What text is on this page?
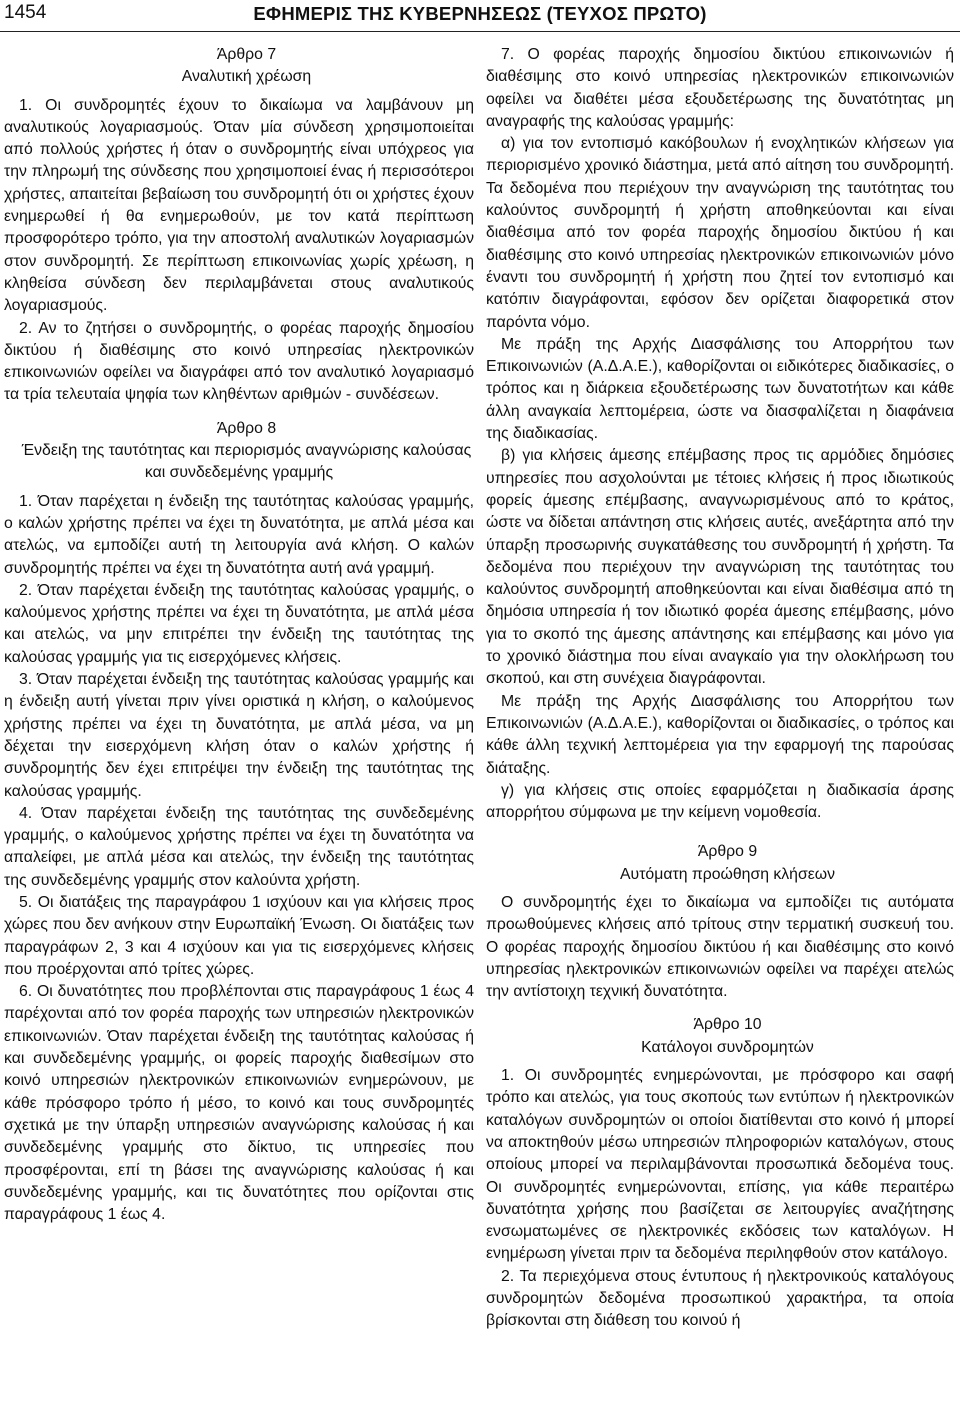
1454	ΕΦΗΜΕΡΙΣ ΤΗΣ ΚΥΒΕΡΝΗΣΕΩΣ (ΤΕΥΧΟΣ ΠΡΩΤΟ)

Άρθρο 7

Αναλυτική χρέωση

1. Οι συνδρομητές έχουν το δικαίωμα να λαμβάνουν μη αναλυτικούς λογαριασμούς. Όταν μία σύνδεση χρησιμοποιείται από πολλούς χρήστες ή όταν ο συνδρομητής είναι υπόχρεος για την πληρωμή της σύνδεσης που χρησιμοποιεί ένας ή περισσότεροι χρήστες, απαιτείται βεβαίωση του συνδρομητή ότι οι χρήστες έχουν ενημερωθεί ή θα ενημερωθούν, με τον κατά περίπτωση προσφορότερο τρόπο, για την αποστολή αναλυτικών λογαριασμών στον συνδρομητή. Σε περίπτωση επικοινωνίας χωρίς χρέωση, η κληθείσα σύνδεση δεν περιλαμβάνεται στους αναλυτικούς λογαριασμούς.

2. Αν το ζητήσει ο συνδρομητής, ο φορέας παροχής δημοσίου δικτύου ή διαθέσιμης στο κοινό υπηρεσίας ηλεκτρονικών επικοινωνιών οφείλει να διαγράφει από τον αναλυτικό λογαριασμό τα τρία τελευταία ψηφία των κληθέντων αριθμών - συνδέσεων.

Άρθρο 8

Ένδειξη της ταυτότητας και περιορισμός αναγνώρισης καλούσας και συνδεδεμένης γραμμής

1. Όταν παρέχεται η ένδειξη της ταυτότητας καλούσας γραμμής, ο καλών χρήστης πρέπει να έχει τη δυνατότητα, με απλά μέσα και ατελώς, να εμποδίζει αυτή τη λειτουργία ανά κλήση. Ο καλών συνδρομητής πρέπει να έχει τη δυνατότητα αυτή ανά γραμμή.

2. Όταν παρέχεται ένδειξη της ταυτότητας καλούσας γραμμής, ο καλούμενος χρήστης πρέπει να έχει τη δυνατότητα, με απλά μέσα και ατελώς, να μην επιτρέπει την ένδειξη της ταυτότητας της καλούσας γραμμής για τις εισερχόμενες κλήσεις.

3. Όταν παρέχεται ένδειξη της ταυτότητας καλούσας γραμμής και η ένδειξη αυτή γίνεται πριν γίνει οριστικά η κλήση, ο καλούμενος χρήστης πρέπει να έχει τη δυνατότητα, με απλά μέσα, να μη δέχεται την εισερχόμενη κλήση όταν ο καλών χρήστης ή συνδρομητής δεν έχει επιτρέψει την ένδειξη της ταυτότητας της καλούσας γραμμής.

4. Όταν παρέχεται ένδειξη της ταυτότητας της συνδεδεμένης γραμμής, ο καλούμενος χρήστης πρέπει να έχει τη δυνατότητα να απαλείφει, με απλά μέσα και ατελώς, την ένδειξη της ταυτότητας της συνδεδεμένης γραμμής στον καλούντα χρήστη.

5. Οι διατάξεις της παραγράφου 1 ισχύουν και για κλήσεις προς χώρες που δεν ανήκουν στην Ευρωπαϊκή Ένωση. Οι διατάξεις των παραγράφων 2, 3 και 4 ισχύουν και για τις εισερχόμενες κλήσεις που προέρχονται από τρίτες χώρες.

6. Οι δυνατότητες που προβλέπονται στις παραγράφους 1 έως 4 παρέχονται από τον φορέα παροχής των υπηρεσιών ηλεκτρονικών επικοινωνιών. Όταν παρέχεται ένδειξη της ταυτότητας καλούσας ή και συνδεδεμένης γραμμής, οι φορείς παροχής διαθεσίμων στο κοινό υπηρεσιών ηλεκτρονικών επικοινωνιών ενημερώνουν, με κάθε πρόσφορο τρόπο ή μέσο, το κοινό και τους συνδρομητές σχετικά με την ύπαρξη υπηρεσιών αναγνώρισης καλούσας ή και συνδεδεμένης γραμμής στο δίκτυο, τις υπηρεσίες που προσφέρονται, επί τη βάσει της αναγνώρισης καλούσας ή και συνδεδεμένης γραμμής, και τις δυνατότητες που ορίζονται στις παραγράφους 1 έως 4.

7. Ο φορέας παροχής δημοσίου δικτύου επικοινωνιών ή διαθέσιμης στο κοινό υπηρεσίας ηλεκτρονικών επικοινωνιών οφείλει να διαθέτει μέσα εξουδετέρωσης της δυνατότητας μη αναγραφής της καλούσας γραμμής:

α) για τον εντοπισμό κακόβουλων ή ενοχλητικών κλήσεων για περιορισμένο χρονικό διάστημα, μετά από αίτηση του συνδρομητή. Τα δεδομένα που περιέχουν την αναγνώριση της ταυτότητας του καλούντος συνδρομητή ή χρήστη αποθηκεύονται και είναι διαθέσιμα από τον φορέα παροχής δημοσίου δικτύου ή και διαθέσιμης στο κοινό υπηρεσίας ηλεκτρονικών επικοινωνιών μόνο έναντι του συνδρομητή ή χρήστη που ζητεί τον εντοπισμό και κατόπιν διαγράφονται, εφόσον δεν ορίζεται διαφορετικά στον παρόντα νόμο.

Με πράξη της Αρχής Διασφάλισης του Απορρήτου των Επικοινωνιών (Α.Δ.Α.Ε.), καθορίζονται οι ειδικότερες διαδικασίες, ο τρόπος και η διάρκεια εξουδετέρωσης των δυνατοτήτων και κάθε άλλη αναγκαία λεπτομέρεια, ώστε να διασφαλίζεται η διαφάνεια της διαδικασίας.

β) για κλήσεις άμεσης επέμβασης προς τις αρμόδιες δημόσιες υπηρεσίες που ασχολούνται με τέτοιες κλήσεις ή προς ιδιωτικούς φορείς άμεσης επέμβασης, αναγνωρισμένους από το κράτος, ώστε να δίδεται απάντηση στις κλήσεις αυτές, ανεξάρτητα από την ύπαρξη προσωρινής συγκατάθεσης του συνδρομητή ή χρήστη. Τα δεδομένα που περιέχουν την αναγνώριση της ταυτότητας του καλούντος συνδρομητή αποθηκεύονται και είναι διαθέσιμα από τη δημόσια υπηρεσία ή τον ιδιωτικό φορέα άμεσης επέμβασης, μόνο για το σκοπό της άμεσης απάντησης και επέμβασης και μόνο για το χρονικό διάστημα που είναι αναγκαίο για την ολοκλήρωση του σκοπού, και στη συνέχεια διαγράφονται.

Με πράξη της Αρχής Διασφάλισης του Απορρήτου των Επικοινωνιών (Α.Δ.Α.Ε.), καθορίζονται οι διαδικασίες, ο τρόπος και κάθε άλλη τεχνική λεπτομέρεια για την εφαρμογή της παρούσας διάταξης.

γ) για κλήσεις στις οποίες εφαρμόζεται η διαδικασία άρσης απορρήτου σύμφωνα με την κείμενη νομοθεσία.

Άρθρο 9

Αυτόματη προώθηση κλήσεων

Ο συνδρομητής έχει το δικαίωμα να εμποδίζει τις αυτόματα προωθούμενες κλήσεις από τρίτους στην τερματική συσκευή του. Ο φορέας παροχής δημοσίου δικτύου ή και διαθέσιμης στο κοινό υπηρεσίας ηλεκτρονικών επικοινωνιών οφείλει να παρέχει ατελώς την αντίστοιχη τεχνική δυνατότητα.

Άρθρο 10

Κατάλογοι συνδρομητών

1. Οι συνδρομητές ενημερώνονται, με πρόσφορο και σαφή τρόπο και ατελώς, για τους σκοπούς των εντύπων ή ηλεκτρονικών καταλόγων συνδρομητών οι οποίοι διατίθενται στο κοινό ή μπορεί να αποκτηθούν μέσω υπηρεσιών πληροφοριών καταλόγων, στους οποίους μπορεί να περιλαμβάνονται προσωπικά δεδομένα τους. Οι συνδρομητές ενημερώνονται, επίσης, για κάθε περαιτέρω δυνατότητα χρήσης που βασίζεται σε λειτουργίες αναζήτησης ενσωματωμένες σε ηλεκτρονικές εκδόσεις των καταλόγων. Η ενημέρωση γίνεται πριν τα δεδομένα περιληφθούν στον κατάλογο.

2. Τα περιεχόμενα στους έντυπους ή ηλεκτρονικούς καταλόγους συνδρομητών δεδομένα προσωπικού χαρακτήρα, τα οποία βρίσκονται στη διάθεση του κοινού ή
